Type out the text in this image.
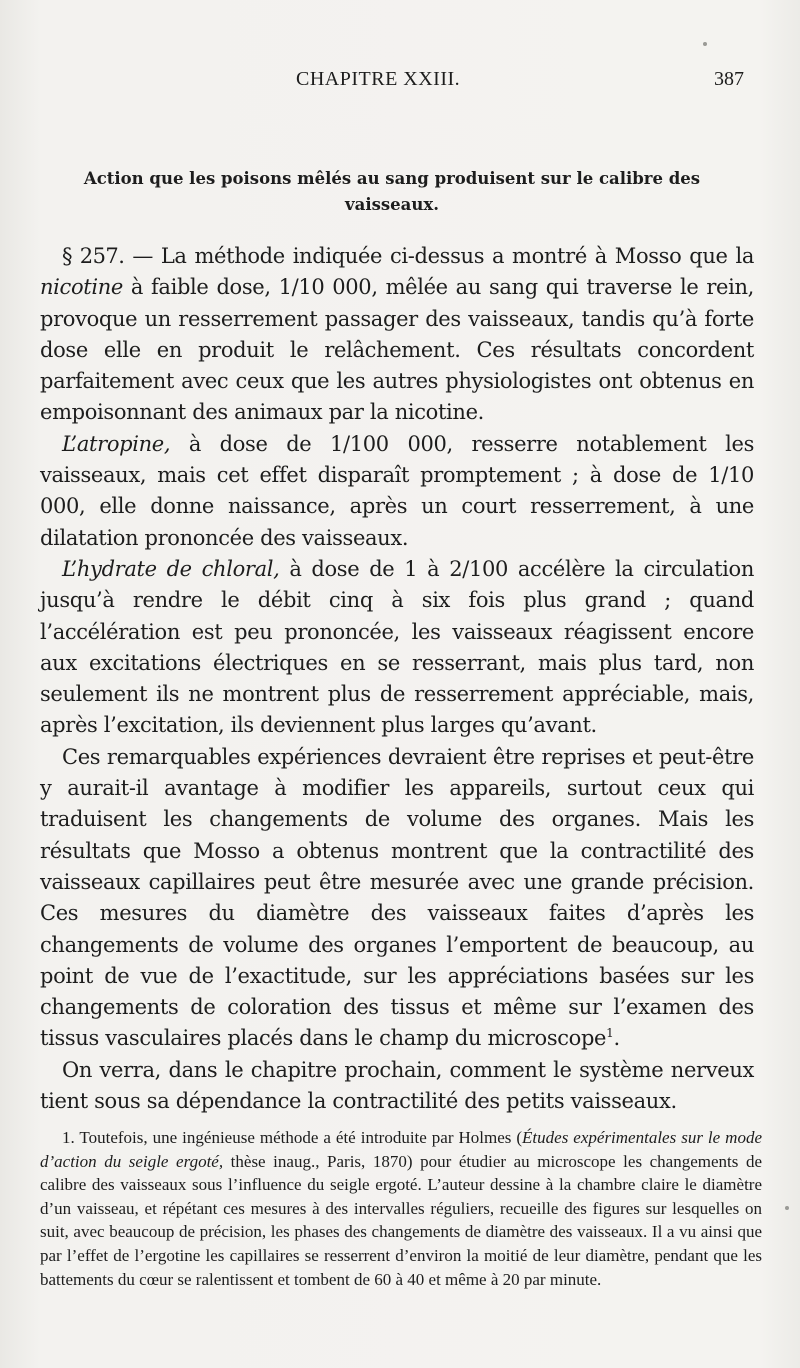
CHAPITRE XXIII.	387
Action que les poisons mêlés au sang produisent sur le calibre des vaisseaux.

§ 257. — La méthode indiquée ci-dessus a montré à Mosso que la nicotine à faible dose, 1/10 000, mêlée au sang qui traverse le rein, provoque un resserrement passager des vaisseaux, tandis qu’à forte dose elle en produit le relâchement. Ces résultats concordent parfaitement avec ceux que les autres physiologistes ont obtenus en empoisonnant des animaux par la nicotine.

L’atropine, à dose de 1/100 000, resserre notablement les vaisseaux, mais cet effet disparaît promptement ; à dose de 1/10 000, elle donne naissance, après un court resserrement, à une dilatation prononcée des vaisseaux.

L’hydrate de chloral, à dose de 1 à 2/100 accélère la circulation jusqu’à rendre le débit cinq à six fois plus grand ; quand l’accélération est peu prononcée, les vaisseaux réagissent encore aux excitations électriques en se resserrant, mais plus tard, non seulement ils ne montrent plus de resserrement appréciable, mais, après l’excitation, ils deviennent plus larges qu’avant.

Ces remarquables expériences devraient être reprises et peut-être y aurait-il avantage à modifier les appareils, surtout ceux qui traduisent les changements de volume des organes. Mais les résultats que Mosso a obtenus montrent que la contractilité des vaisseaux capillaires peut être mesurée avec une grande précision. Ces mesures du diamètre des vaisseaux faites d’après les changements de volume des organes l’emportent de beaucoup, au point de vue de l’exactitude, sur les appréciations basées sur les changements de coloration des tissus et même sur l’examen des tissus vasculaires placés dans le champ du microscope$^1$.

On verra, dans le chapitre prochain, comment le système nerveux tient sous sa dépendance la contractilité des petits vaisseaux.

1. Toutefois, une ingénieuse méthode a été introduite par Holmes (Études expérimentales sur le mode d’action du seigle ergoté, thèse inaug., Paris, 1870) pour étudier au microscope les changements de calibre des vaisseaux sous l’influence du seigle ergoté. L’auteur dessine à la chambre claire le diamètre d’un vaisseau, et répétant ces mesures à des intervalles réguliers, recueille des figures sur lesquelles on suit, avec beaucoup de précision, les phases des changements de diamètre des vaisseaux. Il a vu ainsi que par l’effet de l’ergotine les capillaires se resserrent d’environ la moitié de leur diamètre, pendant que les battements du cœur se ralentissent et tombent de 60 à 40 et même à 20 par minute.
